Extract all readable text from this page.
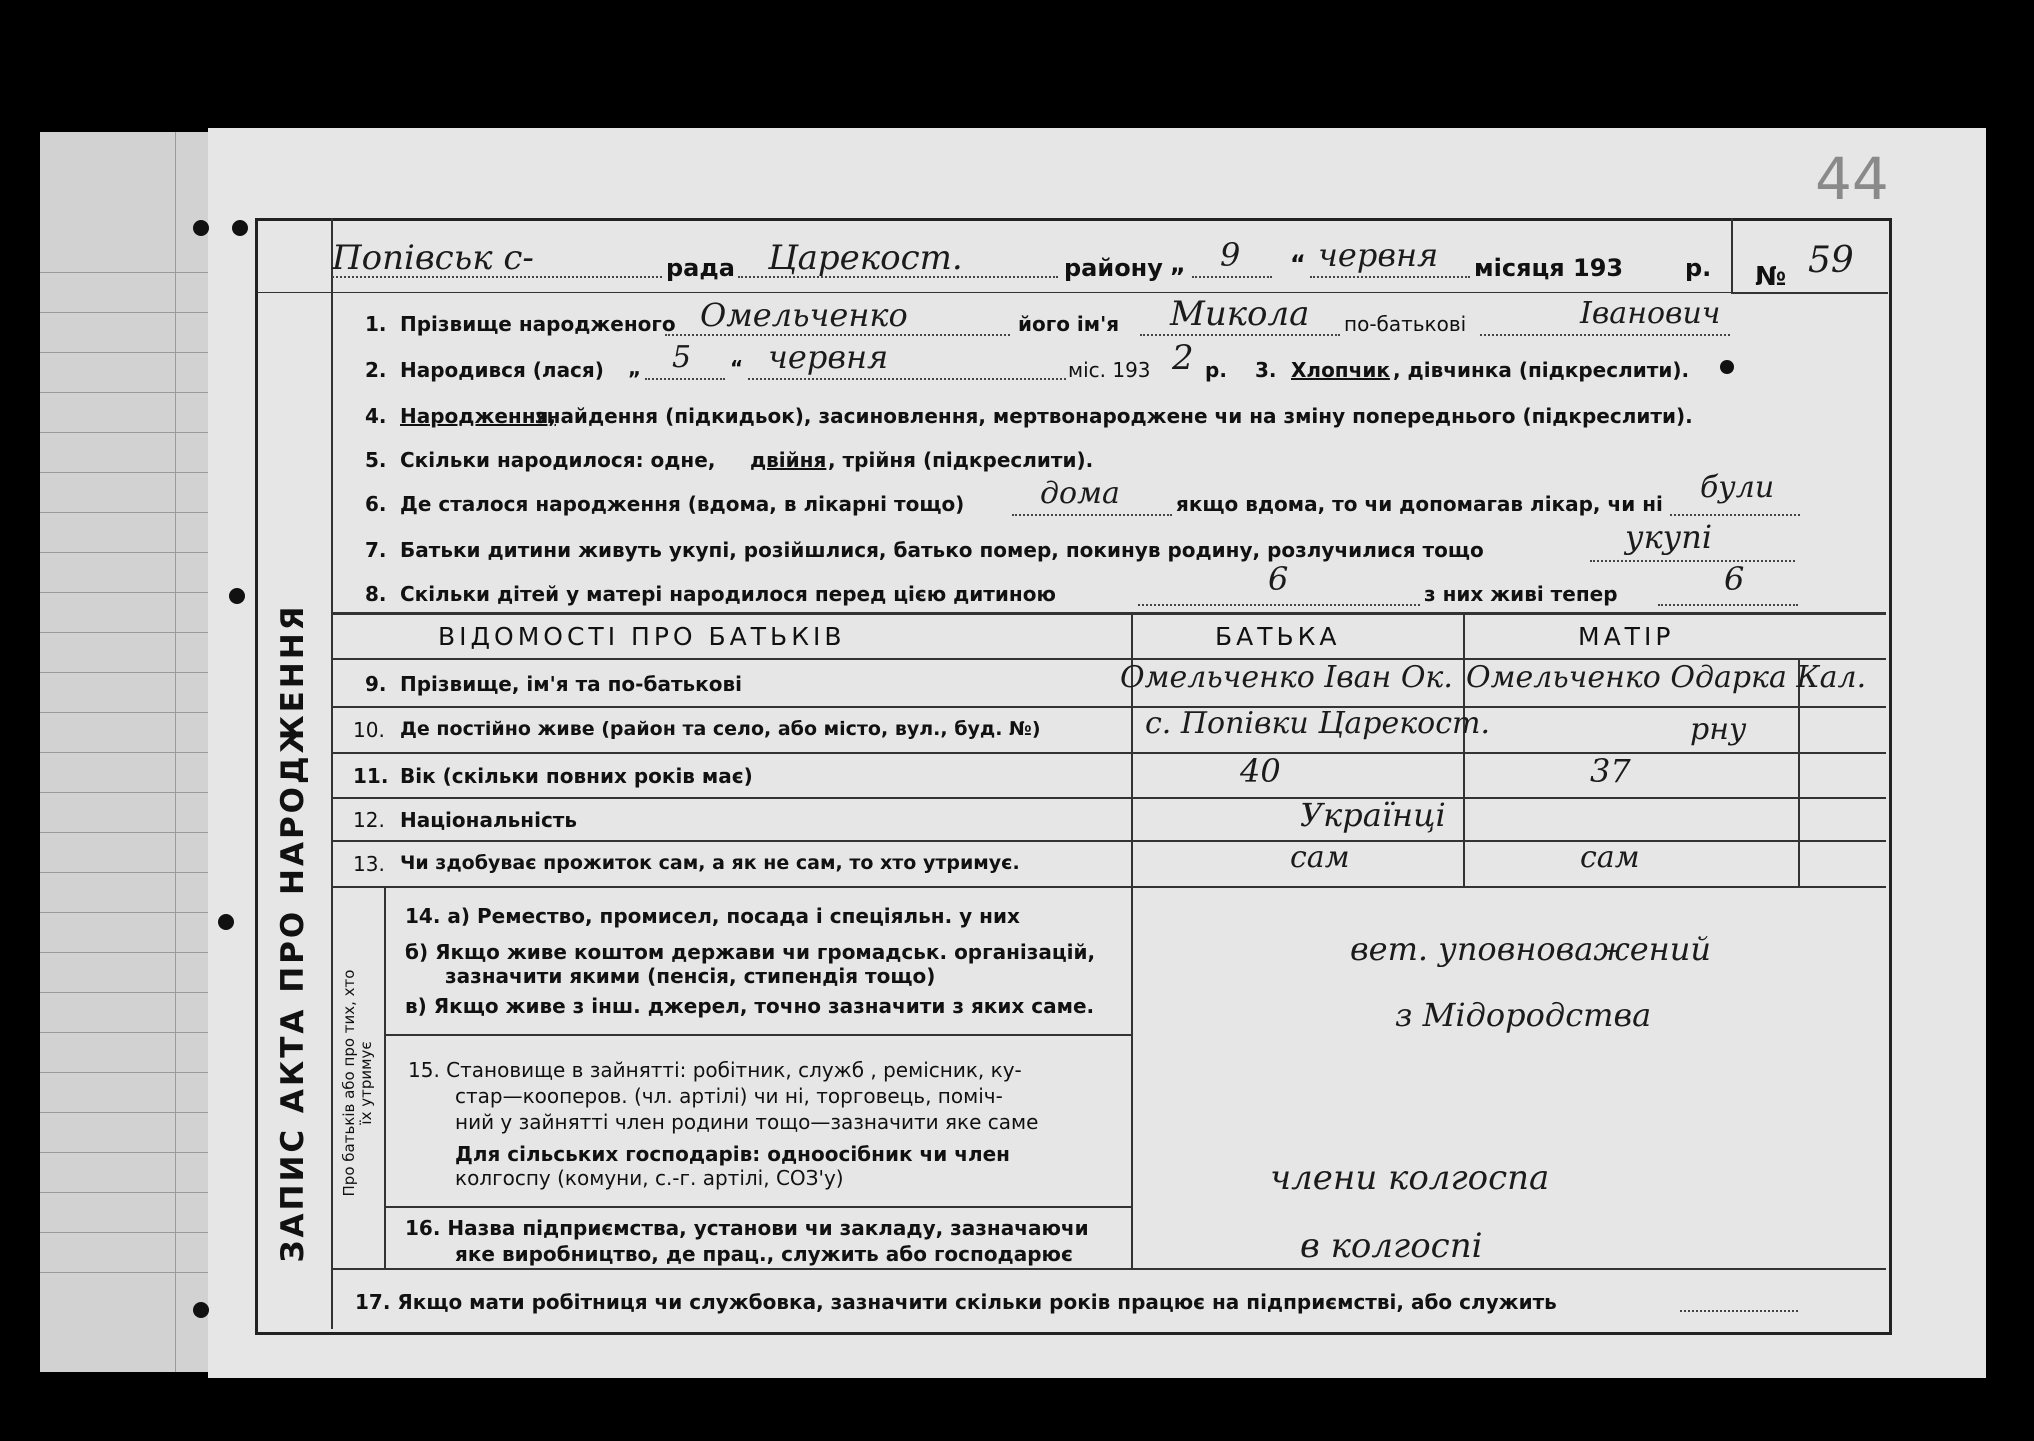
44
ЗАПИС АКТА ПРО НАРОДЖЕННЯ
Попівськ с-	рада Царекост.	району „ 9 “ червня місяця 193	р. № 59
1. Прізвище народженого Омельченко	його ім'я Микола по-батькові	Іванович
2. Народився (лася) „ 5 “ червня	міс. 193 2 р. 3. Хлопчик , дівчинка (підкреслити).
4. Народження,
знайдення (підкидьок), засиновлення, мертвонароджене чи на зміну попереднього (підкреслити).
5. Скільки народилося: одне, двійня , трійня (підкреслити).
6. Де сталося народження (вдома, в лікарні тощо)	дома	якщо вдома, то чи допомагав лікар, чи ні були
7. Батьки дитини живуть укупі, розійшлися, батько помер, покинув родину, розлучилися тощо	укупі
8. Скільки дітей у матері народилося перед цією дитиною	6	з них живі тепер	6
Про батьків або про тих, хто їх утримує
ВІДОМОСТІ ПРО БАТЬКІВ	БАТЬКА	МАТІР
9. Прізвище, ім'я та по-батькові	Омельченко Іван Ок. Омельченко Одарка Кал.
10. Де постійно живе (район та село, або місто, вул., буд. №)	с. Попівки Царекост.	рну
11. Вік (скільки повних років має)	40	37
12. Національність	Українці
13. Чи здобуває прожиток сам, а як не сам, то хто утримує.	сам	сам
14. а) Ремество, промисел, посада і спеціяльн. у них
б) Якщо живе коштом держави чи громадськ. організацій,
зазначити якими (пенсія, стипендія тощо)
в) Якщо живе з інш. джерел, точно зазначити з яких саме.
вет. уповноважений
з Мідородства
15. Становище в зайнятті: робітник, служб , ремісник, ку-
стар—кооперов. (чл. артілі) чи ні, торговець, поміч-
ний у зайнятті член родини тощо—зазначити яке саме
Для сільських господарів: одноосібник чи член
колгоспу (комуни, с.-г. артілі, СОЗ'у)	члени колгоспа
16. Назва підприємства, установи чи закладу, зазначаючи
яке виробництво, де прац., служить або господарює	в колгоспі
17. Якщо мати робітниця чи службовка, зазначити скільки років працює на підприємстві, або служить
